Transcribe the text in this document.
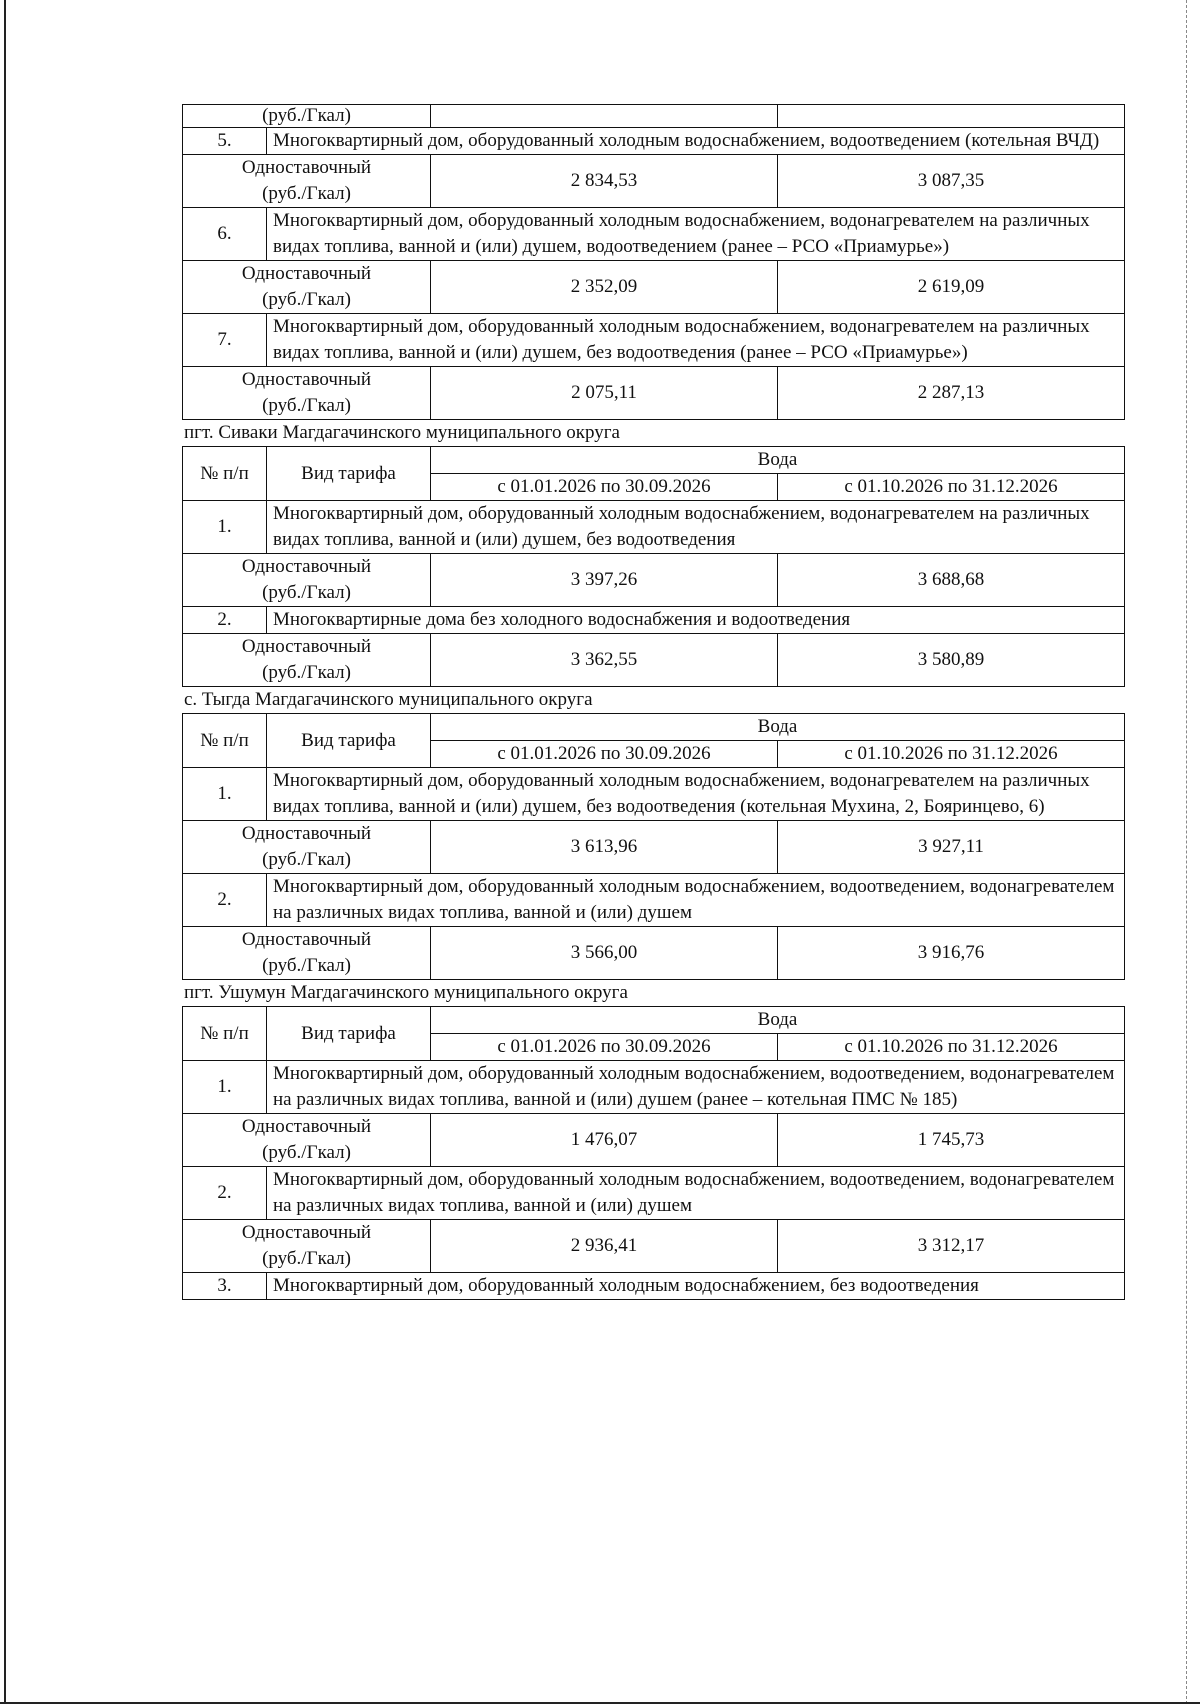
(руб./Гкал)			
5.	Многоквартирный дом, оборудованный холодным водоснабжением, водоотведением (котельная ВЧД)		
Одноставочный
(руб./Гкал)		2 834,53	3 087,35
6.	Многоквартирный дом, оборудованный холодным водоснабжением, водонагревателем на различных видах топлива, ванной и (или) душем, водоотведением (ранее – РСО «Приамурье»)		
Одноставочный
(руб./Гкал)		2 352,09	2 619,09
7.	Многоквартирный дом, оборудованный холодным водоснабжением, водонагревателем на различных видах топлива, ванной и (или) душем, без водоотведения (ранее – РСО «Приамурье»)		
Одноставочный
(руб./Гкал)		2 075,11	2 287,13
пгт. Сиваки Магдагачинского муниципального округа
№ п/п	Вид тарифа	Вода	
		с 01.01.2026 по 30.09.2026	с 01.10.2026 по 31.12.2026
1.	Многоквартирный дом, оборудованный холодным водоснабжением, водонагревателем на различных видах топлива, ванной и (или) душем, без водоотведения		
Одноставочный
(руб./Гкал)		3 397,26	3 688,68
2.	Многоквартирные дома без холодного водоснабжения и водоотведения		
Одноставочный
(руб./Гкал)		3 362,55	3 580,89
с. Тыгда Магдагачинского муниципального округа
№ п/п	Вид тарифа	Вода	
		с 01.01.2026 по 30.09.2026	с 01.10.2026 по 31.12.2026
1.	Многоквартирный дом, оборудованный холодным водоснабжением, водонагревателем на различных видах топлива, ванной и (или) душем, без водоотведения (котельная Мухина, 2, Бояринцево, 6)		
Одноставочный
(руб./Гкал)		3 613,96	3 927,11
2.	Многоквартирный дом, оборудованный холодным водоснабжением, водоотведением, водонагревателем на различных видах топлива, ванной и (или) душем		
Одноставочный
(руб./Гкал)		3 566,00	3 916,76
пгт. Ушумун Магдагачинского муниципального округа
№ п/п	Вид тарифа	Вода	
		с 01.01.2026 по 30.09.2026	с 01.10.2026 по 31.12.2026
1.	Многоквартирный дом, оборудованный холодным водоснабжением, водоотведением, водонагревателем на различных видах топлива, ванной и (или) душем (ранее – котельная ПМС № 185)		
Одноставочный
(руб./Гкал)		1 476,07	1 745,73
2.	Многоквартирный дом, оборудованный холодным водоснабжением, водоотведением, водонагревателем на различных видах топлива, ванной и (или) душем		
Одноставочный
(руб./Гкал)		2 936,41	3 312,17
3.	Многоквартирный дом, оборудованный холодным водоснабжением, без водоотведения		
